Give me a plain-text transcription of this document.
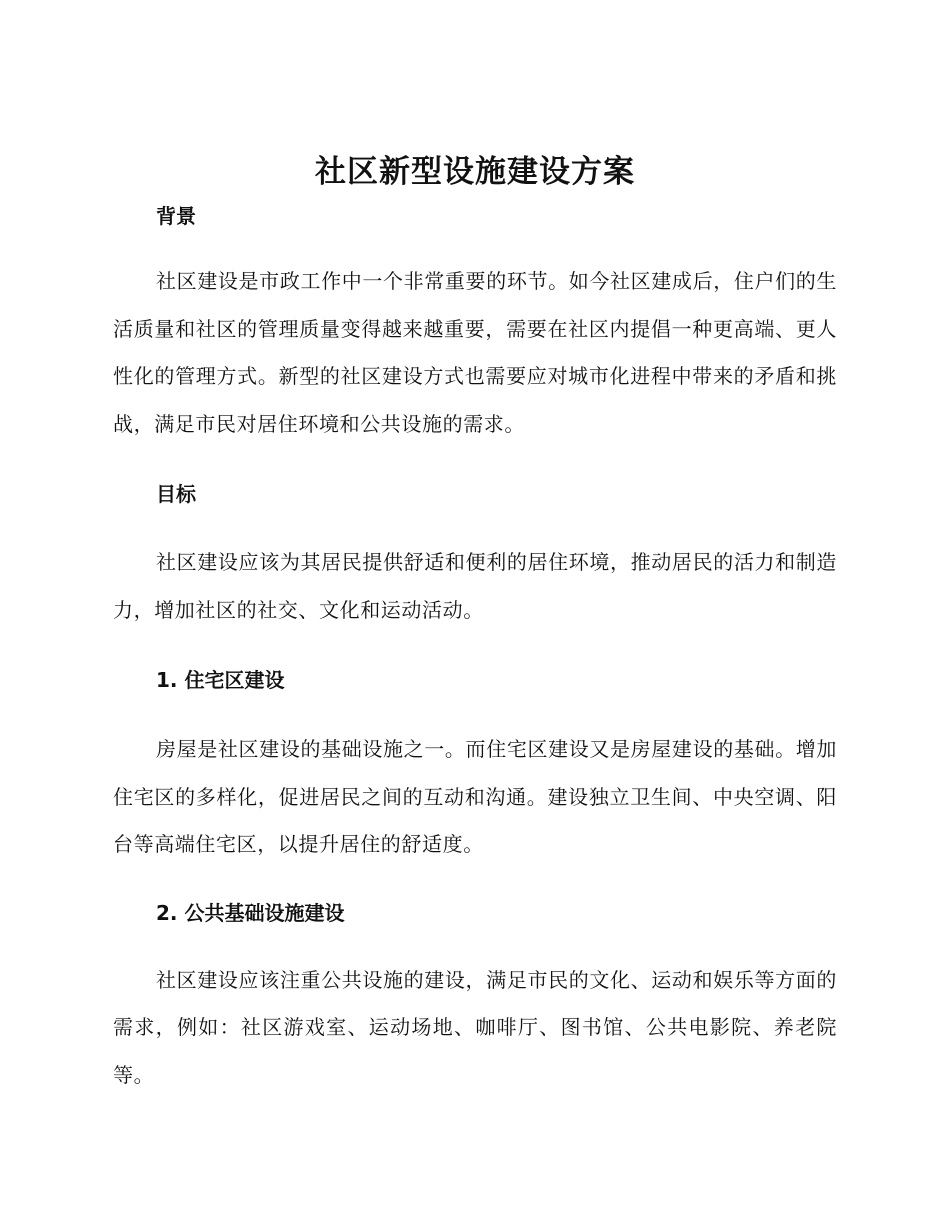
社区新型设施建设方案
背景

社区建设是市政工作中一个非常重要的环节。如今社区建成后，住户们的生活质量和社区的管理质量变得越来越重要，需要在社区内提倡一种更高端、更人性化的管理方式。新型的社区建设方式也需要应对城市化进程中带来的矛盾和挑战，满足市民对居住环境和公共设施的需求。

目标

社区建设应该为其居民提供舒适和便利的居住环境，推动居民的活力和制造力，增加社区的社交、文化和运动活动。

1. 住宅区建设

房屋是社区建设的基础设施之一。而住宅区建设又是房屋建设的基础。增加住宅区的多样化，促进居民之间的互动和沟通。建设独立卫生间、中央空调、阳台等高端住宅区，以提升居住的舒适度。

2. 公共基础设施建设

社区建设应该注重公共设施的建设，满足市民的文化、运动和娱乐等方面的需求，例如：社区游戏室、运动场地、咖啡厅、图书馆、公共电影院、养老院等。
